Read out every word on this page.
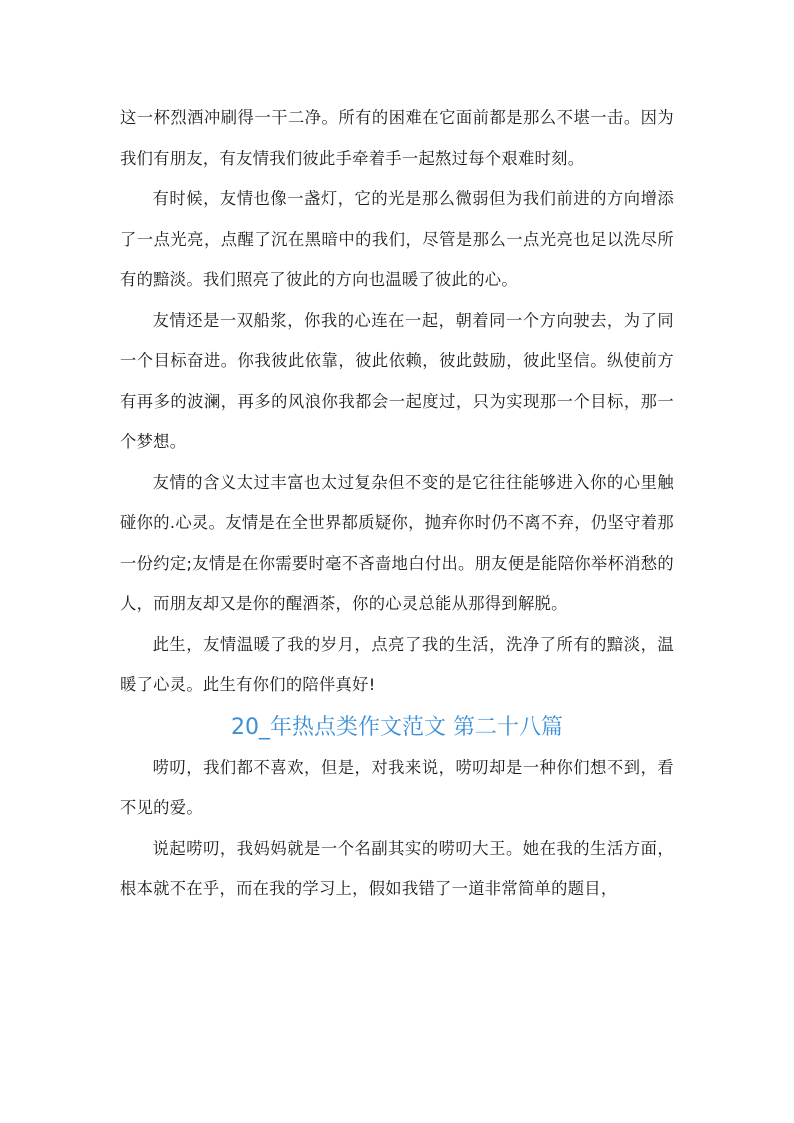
这一杯烈酒冲刷得一干二净。所有的困难在它面前都是那么不堪一击。因为我们有朋友，有友情我们彼此手牵着手一起熬过每个艰难时刻。

有时候，友情也像一盏灯，它的光是那么微弱但为我们前进的方向增添了一点光亮，点醒了沉在黑暗中的我们，尽管是那么一点光亮也足以洗尽所有的黯淡。我们照亮了彼此的方向也温暖了彼此的心。

友情还是一双船浆，你我的心连在一起，朝着同一个方向驶去，为了同一个目标奋进。你我彼此依靠，彼此依赖，彼此鼓励，彼此坚信。纵使前方有再多的波澜，再多的风浪你我都会一起度过，只为实现那一个目标，那一个梦想。

友情的含义太过丰富也太过复杂但不变的是它往往能够进入你的心里触碰你的.心灵。友情是在全世界都质疑你，抛弃你时仍不离不弃，仍坚守着那一份约定;友情是在你需要时毫不吝啬地白付出。朋友便是能陪你举杯消愁的人，而朋友却又是你的醒酒茶，你的心灵总能从那得到解脱。

此生，友情温暖了我的岁月，点亮了我的生活，洗净了所有的黯淡，温暖了心灵。此生有你们的陪伴真好!

20_年热点类作文范文 第二十八篇

唠叨，我们都不喜欢，但是，对我来说，唠叨却是一种你们想不到，看不见的爱。

说起唠叨，我妈妈就是一个名副其实的唠叨大王。她在我的生活方面，根本就不在乎，而在我的学习上，假如我错了一道非常简单的题目，
